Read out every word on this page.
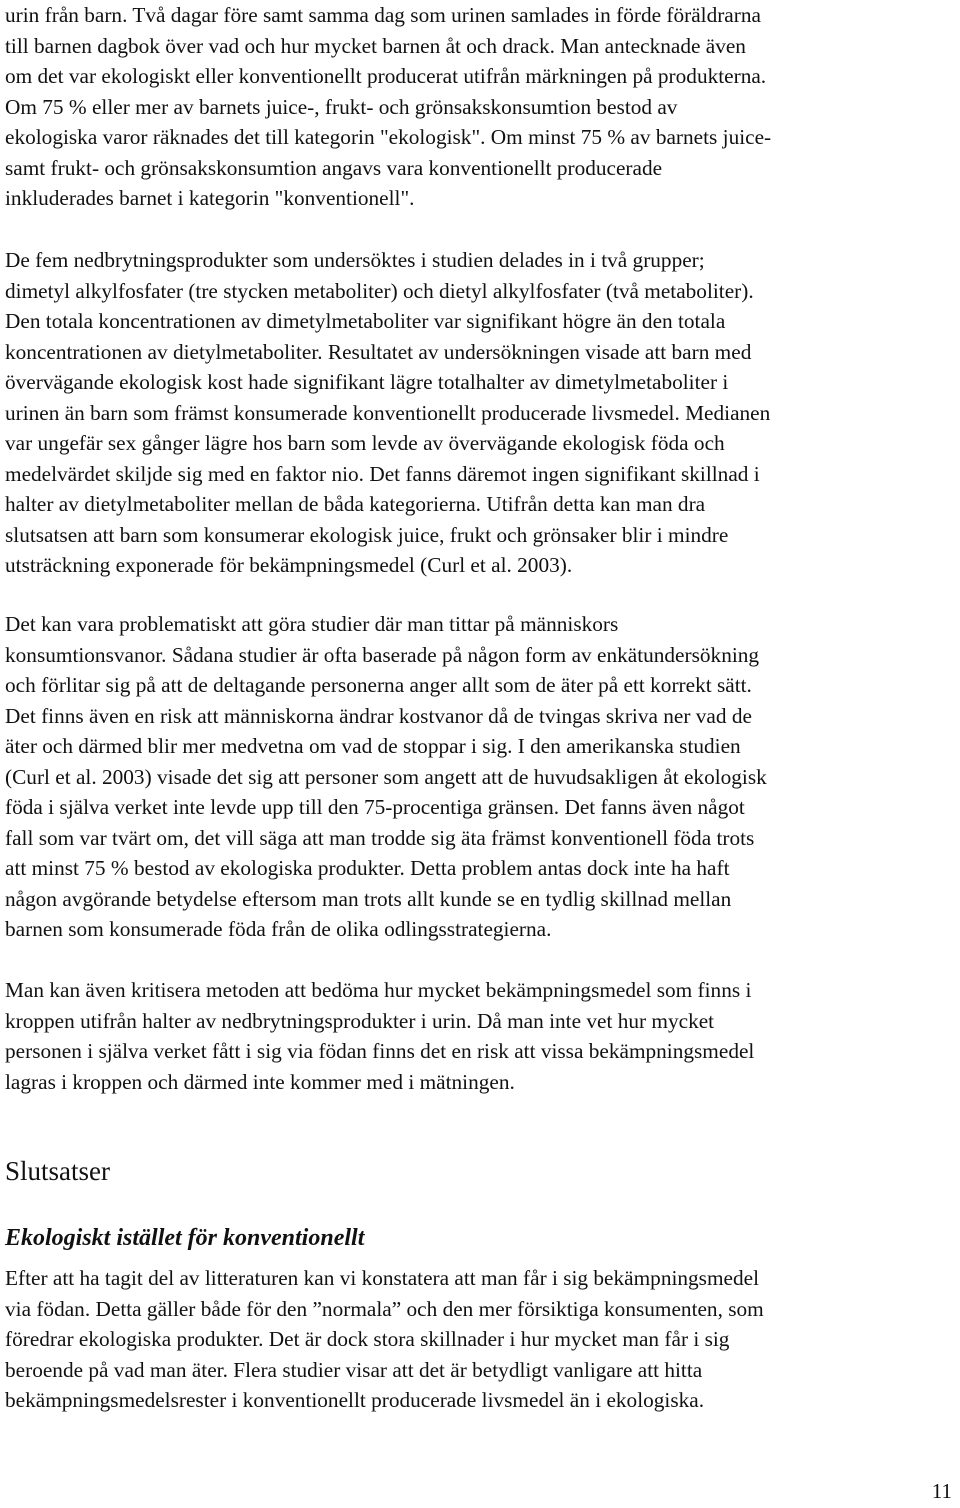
urin från barn. Två dagar före samt samma dag som urinen samlades in förde föräldrarna
till barnen dagbok över vad och hur mycket barnen åt och drack. Man antecknade även
om det var ekologiskt eller konventionellt producerat utifrån märkningen på produkterna.
Om 75 % eller mer av barnets juice-, frukt- och grönsakskonsumtion bestod av
ekologiska varor räknades det till kategorin "ekologisk". Om minst 75 % av barnets juice-
samt frukt- och grönsakskonsumtion angavs vara konventionellt producerade
inkluderades barnet i kategorin "konventionell".
De fem nedbrytningsprodukter som undersöktes i studien delades in i två grupper;
dimetyl alkylfosfater (tre stycken metaboliter) och dietyl alkylfosfater (två metaboliter).
Den totala koncentrationen av dimetylmetaboliter var signifikant högre än den totala
koncentrationen av dietylmetaboliter. Resultatet av undersökningen visade att barn med
övervägande ekologisk kost hade signifikant lägre totalhalter av dimetylmetaboliter i
urinen än barn som främst konsumerade konventionellt producerade livsmedel. Medianen
var ungefär sex gånger lägre hos barn som levde av övervägande ekologisk föda och
medelvärdet skiljde sig med en faktor nio. Det fanns däremot ingen signifikant skillnad i
halter av dietylmetaboliter mellan de båda kategorierna. Utifrån detta kan man dra
slutsatsen att barn som konsumerar ekologisk juice, frukt och grönsaker blir i mindre
utsträckning exponerade för bekämpningsmedel (Curl et al. 2003).
Det kan vara problematiskt att göra studier där man tittar på människors
konsumtionsvanor. Sådana studier är ofta baserade på någon form av enkätundersökning
och förlitar sig på att de deltagande personerna anger allt som de äter på ett korrekt sätt.
Det finns även en risk att människorna ändrar kostvanor då de tvingas skriva ner vad de
äter och därmed blir mer medvetna om vad de stoppar i sig. I den amerikanska studien
(Curl et al. 2003) visade det sig att personer som angett att de huvudsakligen åt ekologisk
föda i själva verket inte levde upp till den 75-procentiga gränsen. Det fanns även något
fall som var tvärt om, det vill säga att man trodde sig äta främst konventionell föda trots
att minst 75 % bestod av ekologiska produkter. Detta problem antas dock inte ha haft
någon avgörande betydelse eftersom man trots allt kunde se en tydlig skillnad mellan
barnen som konsumerade föda från de olika odlingsstrategierna.
Man kan även kritisera metoden att bedöma hur mycket bekämpningsmedel som finns i
kroppen utifrån halter av nedbrytningsprodukter i urin. Då man inte vet hur mycket
personen i själva verket fått i sig via födan finns det en risk att vissa bekämpningsmedel
lagras i kroppen och därmed inte kommer med i mätningen.
Slutsatser
Ekologiskt istället för konventionellt
Efter att ha tagit del av litteraturen kan vi konstatera att man får i sig bekämpningsmedel
via födan. Detta gäller både för den ”normala” och den mer försiktiga konsumenten, som
föredrar ekologiska produkter. Det är dock stora skillnader i hur mycket man får i sig
beroende på vad man äter. Flera studier visar att det är betydligt vanligare att hitta
bekämpningsmedelsrester i konventionellt producerade livsmedel än i ekologiska.
11
